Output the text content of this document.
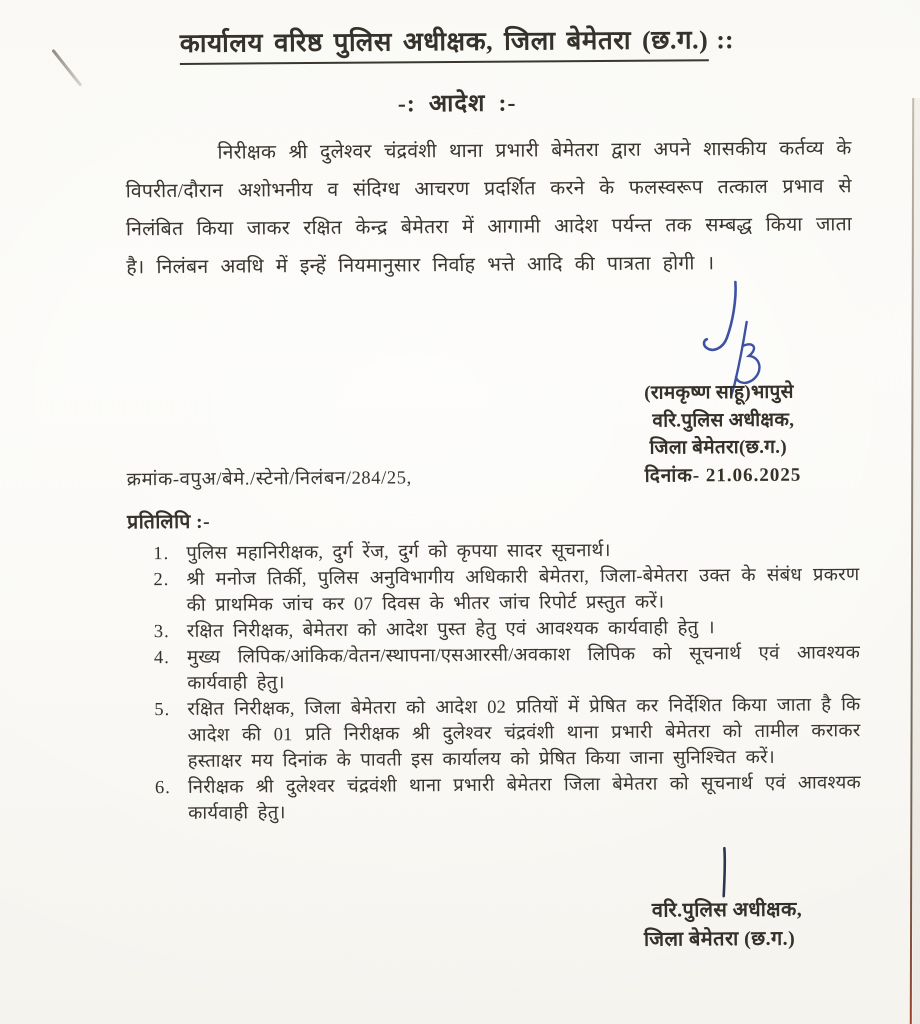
कार्यालय वरिष्ठ पुलिस अधीक्षक, जिला बेमेतरा (छ.ग.) ::
-: आदेश :-

निरीक्षक श्री दुलेश्वर चंद्रवंशी थाना प्रभारी बेमेतरा द्वारा अपने शासकीय कर्तव्य के विपरीत/दौरान अशोभनीय व संदिग्ध आचरण प्रदर्शित करने के फलस्वरूप तत्काल प्रभाव से निलंबित किया जाकर रक्षित केन्द्र बेमेतरा में आगामी आदेश पर्यन्त तक सम्बद्ध किया जाता है। निलंबन अवधि में इन्हें नियमानुसार निर्वाह भत्ते आदि की पात्रता होगी ।

(रामकृष्ण साहू)भापुसे
वरि.पुलिस अधीक्षक,
जिला बेमेतरा(छ.ग.)
दिनांक- 21.06.2025
क्रमांक-वपुअ/बेमे./स्टेनो/निलंबन/284/25,
प्रतिलिपि :-
1. पुलिस महानिरीक्षक, दुर्ग रेंज, दुर्ग को कृपया सादर सूचनार्थ।
2. श्री मनोज तिर्की, पुलिस अनुविभागीय अधिकारी बेमेतरा, जिला-बेमेतरा उक्त के संबंध प्रकरण की प्राथमिक जांच कर 07 दिवस के भीतर जांच रिपोर्ट प्रस्तुत करें।
3. रक्षित निरीक्षक, बेमेतरा को आदेश पुस्त हेतु एवं आवश्यक कार्यवाही हेतु ।
4. मुख्य लिपिक/आंकिक/वेतन/स्थापना/एसआरसी/अवकाश लिपिक को सूचनार्थ एवं आवश्यक कार्यवाही हेतु।
5. रक्षित निरीक्षक, जिला बेमेतरा को आदेश 02 प्रतियों में प्रेषित कर निर्देशित किया जाता है कि आदेश की 01 प्रति निरीक्षक श्री दुलेश्वर चंद्रवंशी थाना प्रभारी बेमेतरा को तामील कराकर हस्ताक्षर मय दिनांक के पावती इस कार्यालय को प्रेषित किया जाना सुनिश्चित करें।
6. निरीक्षक श्री दुलेश्वर चंद्रवंशी थाना प्रभारी बेमेतरा जिला बेमेतरा को सूचनार्थ एवं आवश्यक कार्यवाही हेतु।
वरि.पुलिस अधीक्षक,
जिला बेमेतरा (छ.ग.)
